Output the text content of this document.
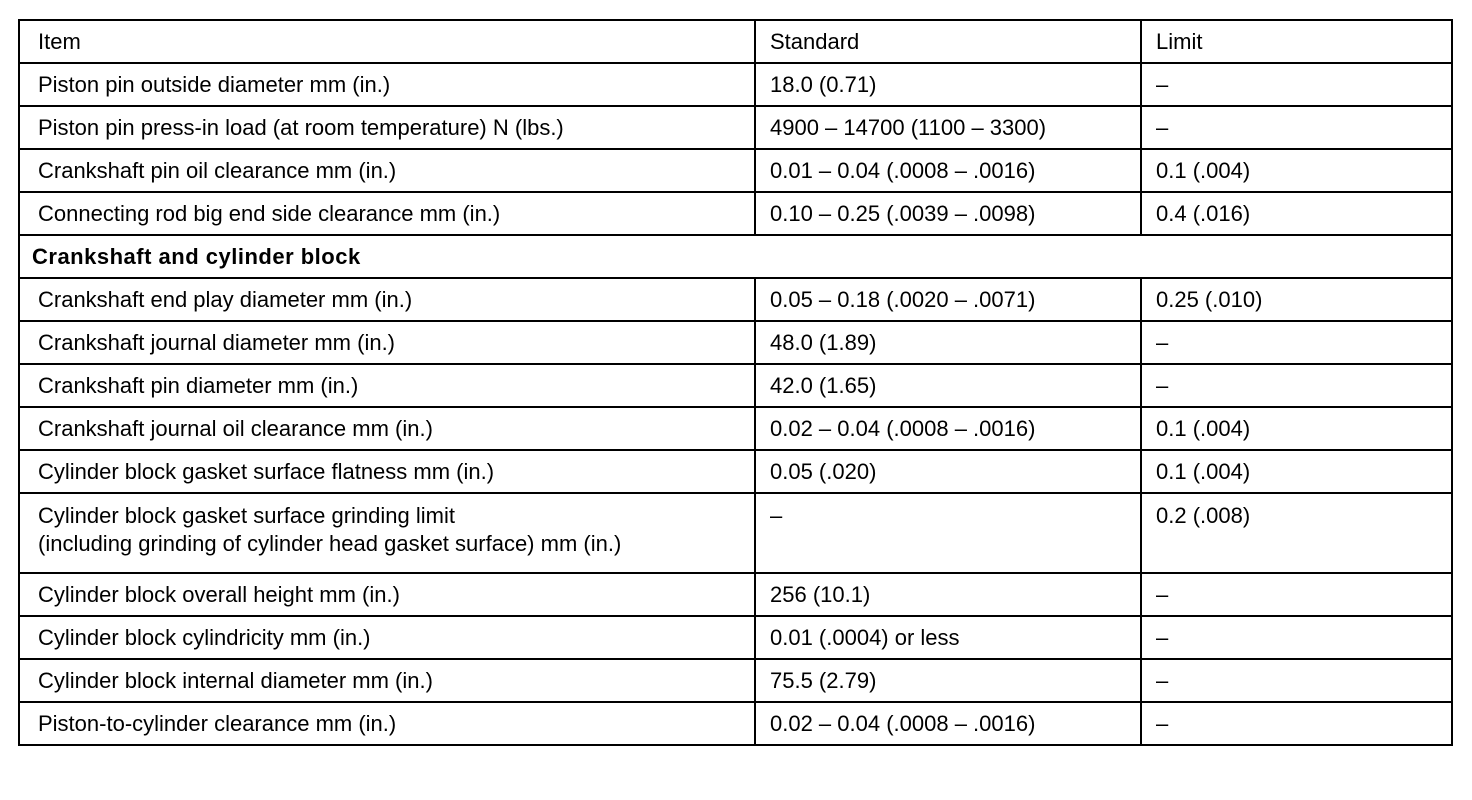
Item	Standard	Limit
Piston pin outside diameter mm (in.)	18.0 (0.71)	–
Piston pin press-in load (at room temperature) N (lbs.)	4900 – 14700 (1100 – 3300)	–
Crankshaft pin oil clearance mm (in.)	0.01 – 0.04 (.0008 – .0016)	0.1 (.004)
Connecting rod big end side clearance mm (in.)	0.10 – 0.25 (.0039 – .0098)	0.4 (.016)
Crankshaft and cylinder block		
Crankshaft end play diameter mm (in.)	0.05 – 0.18 (.0020 – .0071)	0.25 (.010)
Crankshaft journal diameter mm (in.)	48.0 (1.89)	–
Crankshaft pin diameter mm (in.)	42.0 (1.65)	–
Crankshaft journal oil clearance mm (in.)	0.02 – 0.04 (.0008 – .0016)	0.1 (.004)
Cylinder block gasket surface flatness mm (in.)	0.05 (.020)	0.1 (.004)

Cylinder block gasket surface grinding limit
(including grinding of cylinder head gasket surface) mm (in.)	–	0.2 (.008)
Cylinder block overall height mm (in.)	256 (10.1)	–
Cylinder block cylindricity mm (in.)	0.01 (.0004) or less	–
Cylinder block internal diameter mm (in.)	75.5 (2.79)	–
Piston-to-cylinder clearance mm (in.)	0.02 – 0.04 (.0008 – .0016)	–
